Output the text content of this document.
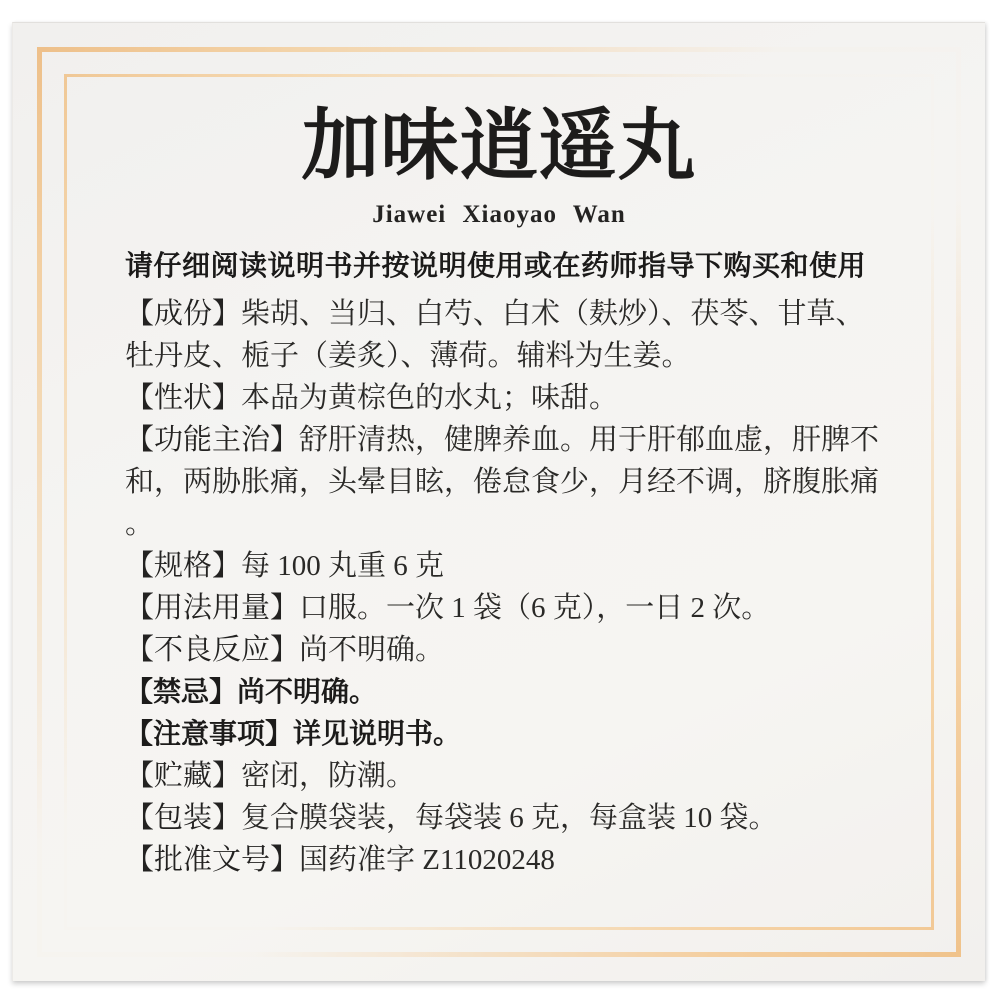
加味逍遥丸
Jiawei Xiaoyao Wan
请仔细阅读说明书并按说明使用或在药师指导下购买和使用

【成份】柴胡、当归、白芍、白术（麸炒）、茯苓、甘草、牡丹皮、栀子（姜炙）、薄荷。辅料为生姜。

【性状】本品为黄棕色的水丸；味甜。

【功能主治】舒肝清热，健脾养血。用于肝郁血虚，肝脾不和，两胁胀痛，头晕目眩，倦怠食少，月经不调，脐腹胀痛。

【规格】每 100 丸重 6 克

【用法用量】口服。一次 1 袋（6 克），一日 2 次。

【不良反应】尚不明确。

【禁忌】尚不明确。

【注意事项】详见说明书。

【贮藏】密闭，防潮。

【包装】复合膜袋装，每袋装 6 克，每盒装 10 袋。

【批准文号】国药准字 Z11020248
